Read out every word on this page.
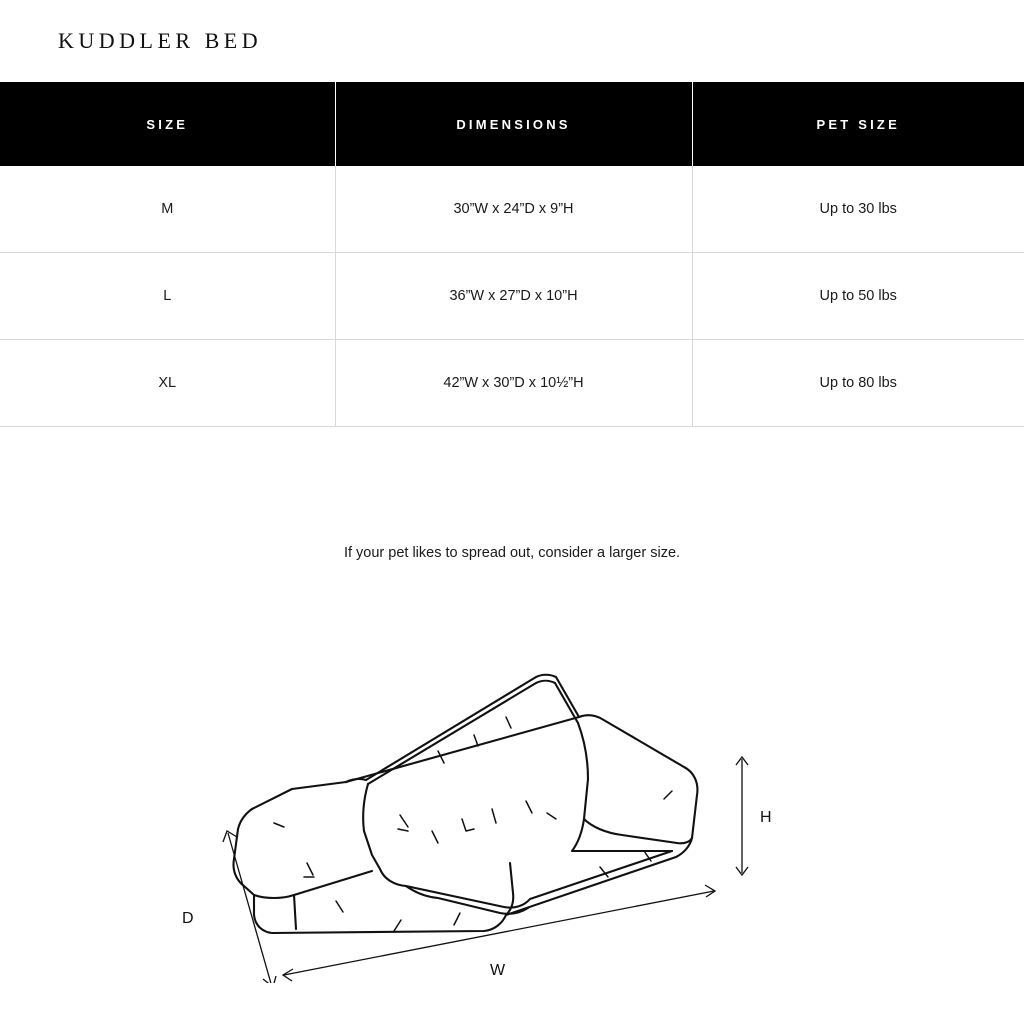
KUDDLER BED
SIZE	DIMENSIONS	PET SIZE
M	30”W x 24”D x 9”H	Up to 30 lbs
L	36”W x 27”D x 10”H	Up to 50 lbs
XL	42”W x 30”D x 10½”H	Up to 80 lbs

If your pet likes to spread out, consider a larger size.

H
D
W
